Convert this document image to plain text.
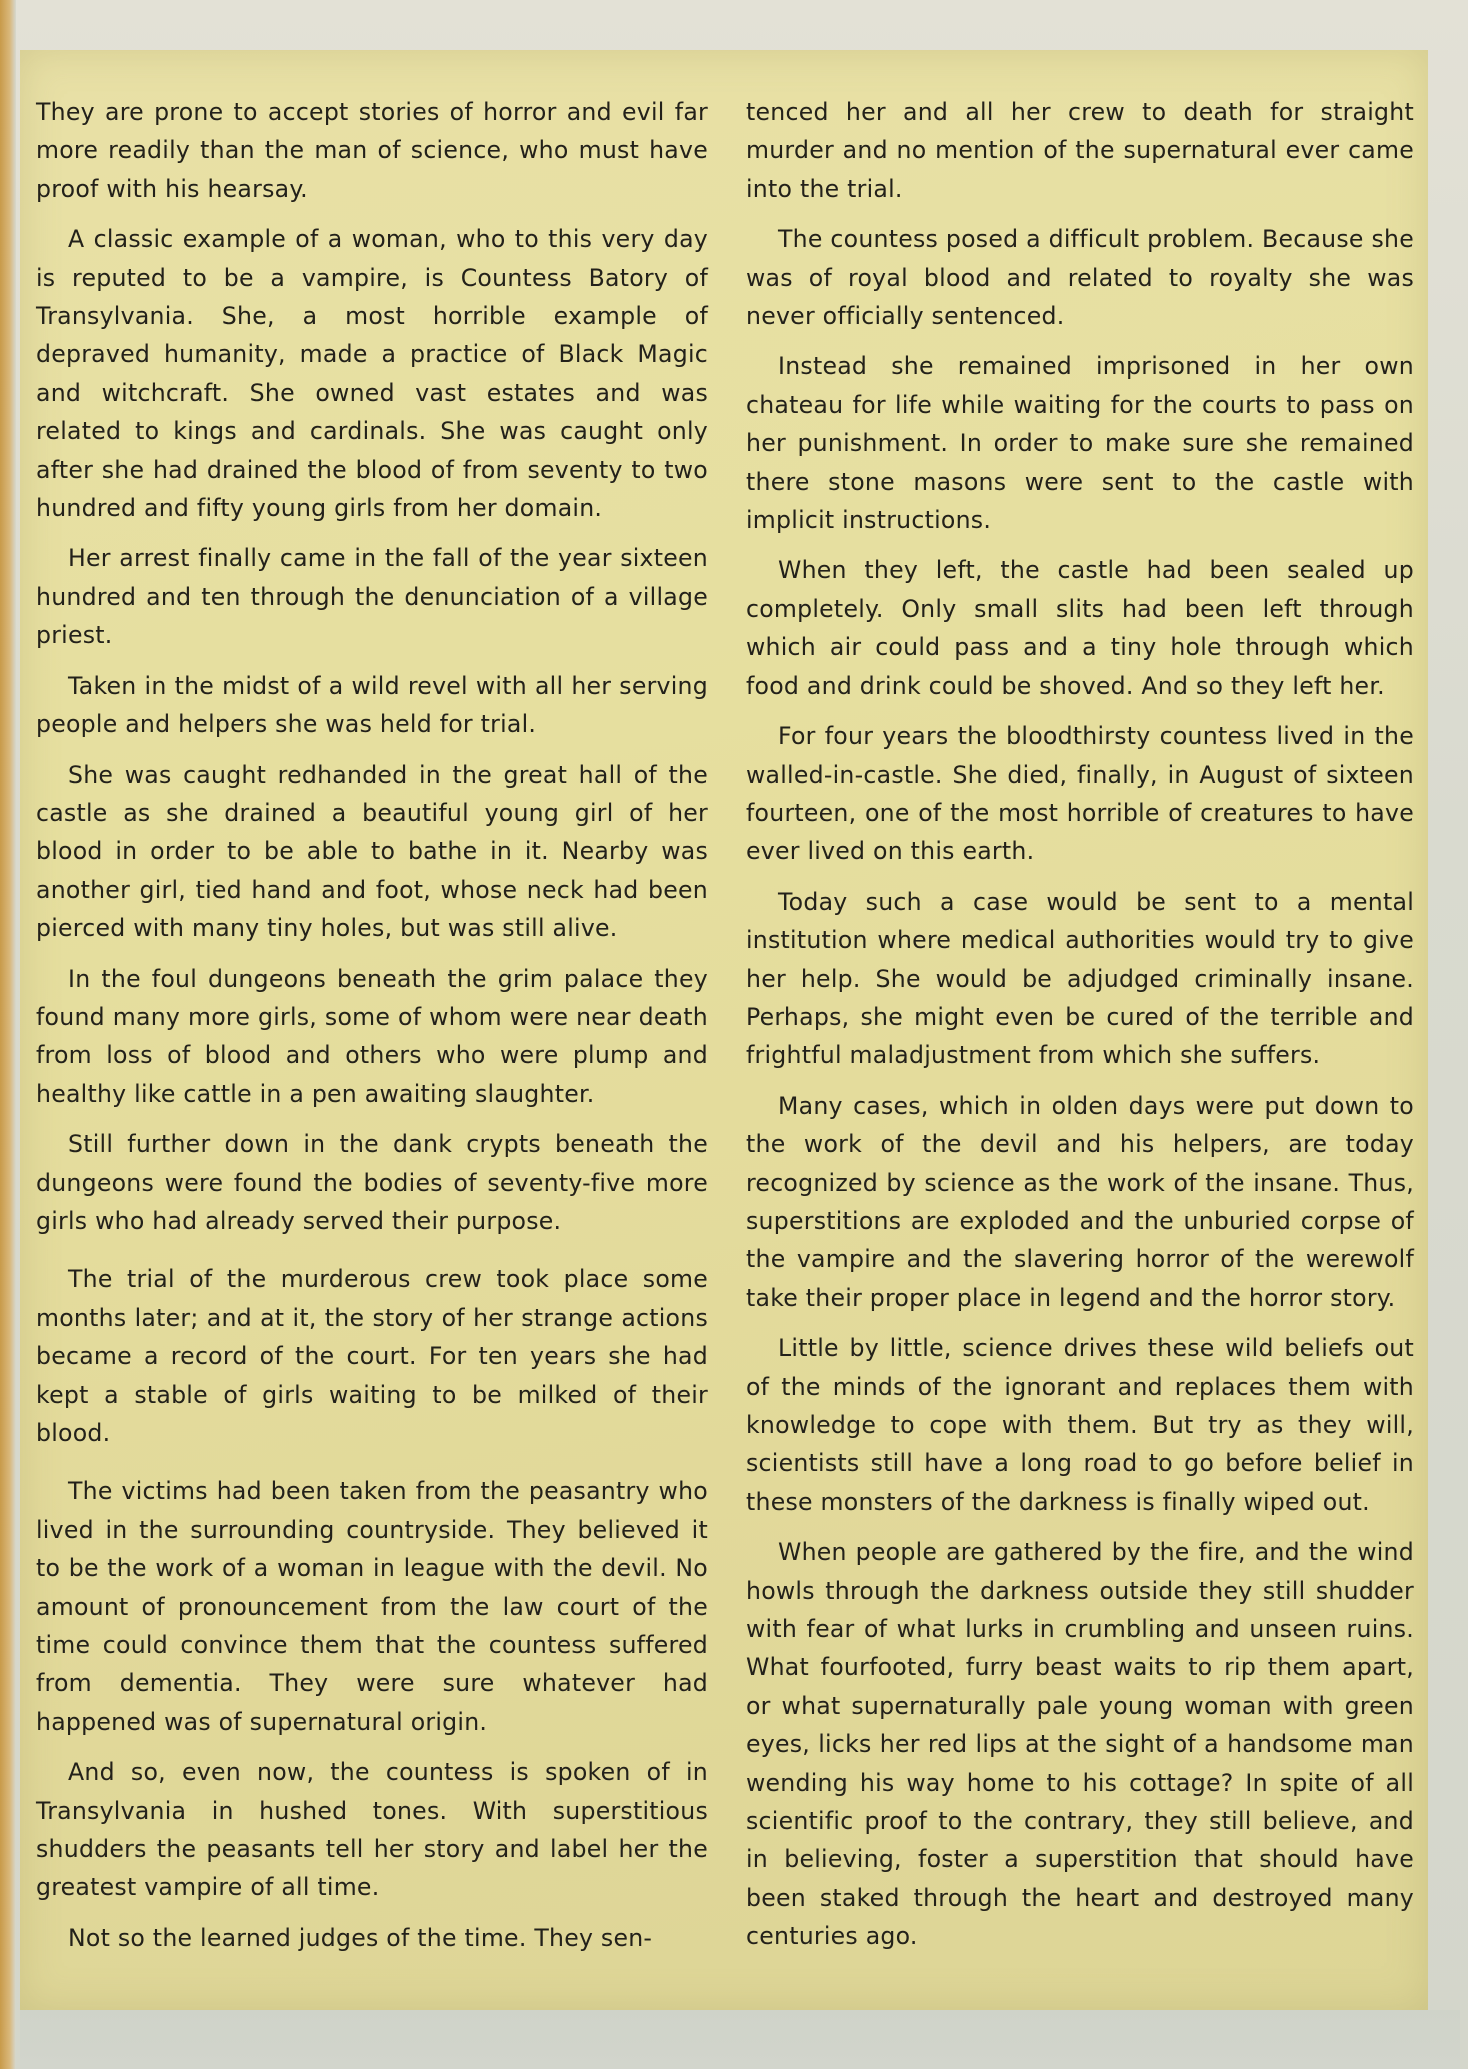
They are prone to accept stories of horror and evil far more readily than the man of science, who must have proof with his hearsay.

A classic example of a woman, who to this very day is reputed to be a vampire, is Countess Batory of Transylvania. She, a most horrible example of depraved humanity, made a practice of Black Magic and witchcraft. She owned vast estates and was related to kings and cardinals. She was caught only after she had drained the blood of from seventy to two hundred and fifty young girls from her domain.

Her arrest finally came in the fall of the year sixteen hundred and ten through the denunciation of a village priest.

Taken in the midst of a wild revel with all her serving people and helpers she was held for trial.

She was caught redhanded in the great hall of the castle as she drained a beautiful young girl of her blood in order to be able to bathe in it. Nearby was another girl, tied hand and foot, whose neck had been pierced with many tiny holes, but was still alive.

In the foul dungeons beneath the grim palace they found many more girls, some of whom were near death from loss of blood and others who were plump and healthy like cattle in a pen awaiting slaughter.

Still further down in the dank crypts beneath the dungeons were found the bodies of seventy-five more girls who had already served their purpose.

The trial of the murderous crew took place some months later; and at it, the story of her strange actions became a record of the court. For ten years she had kept a stable of girls waiting to be milked of their blood.

The victims had been taken from the peasantry who lived in the surrounding countryside. They believed it to be the work of a woman in league with the devil. No amount of pronouncement from the law court of the time could convince them that the countess suffered from dementia. They were sure whatever had happened was of supernatural origin.

And so, even now, the countess is spoken of in Transylvania in hushed tones. With superstitious shudders the peasants tell her story and label her the greatest vampire of all time.

Not so the learned judges of the time. They sen-

tenced her and all her crew to death for straight murder and no mention of the supernatural ever came into the trial.

The countess posed a difficult problem. Because she was of royal blood and related to royalty she was never officially sentenced.

Instead she remained imprisoned in her own chateau for life while waiting for the courts to pass on her punishment. In order to make sure she remained there stone masons were sent to the castle with implicit instructions.

When they left, the castle had been sealed up completely. Only small slits had been left through which air could pass and a tiny hole through which food and drink could be shoved. And so they left her.

For four years the bloodthirsty countess lived in the walled-in-castle. She died, finally, in August of sixteen fourteen, one of the most horrible of creatures to have ever lived on this earth.

Today such a case would be sent to a mental institution where medical authorities would try to give her help. She would be adjudged criminally insane. Perhaps, she might even be cured of the terrible and frightful maladjustment from which she suffers.

Many cases, which in olden days were put down to the work of the devil and his helpers, are today recognized by science as the work of the insane. Thus, superstitions are exploded and the unburied corpse of the vampire and the slavering horror of the werewolf take their proper place in legend and the horror story.

Little by little, science drives these wild beliefs out of the minds of the ignorant and replaces them with knowledge to cope with them. But try as they will, scientists still have a long road to go before belief in these monsters of the darkness is finally wiped out.

When people are gathered by the fire, and the wind howls through the darkness outside they still shudder with fear of what lurks in crumbling and unseen ruins. What fourfooted, furry beast waits to rip them apart, or what supernaturally pale young woman with green eyes, licks her red lips at the sight of a handsome man wending his way home to his cottage? In spite of all scientific proof to the contrary, they still believe, and in believing, foster a superstition that should have been staked through the heart and destroyed many centuries ago.
